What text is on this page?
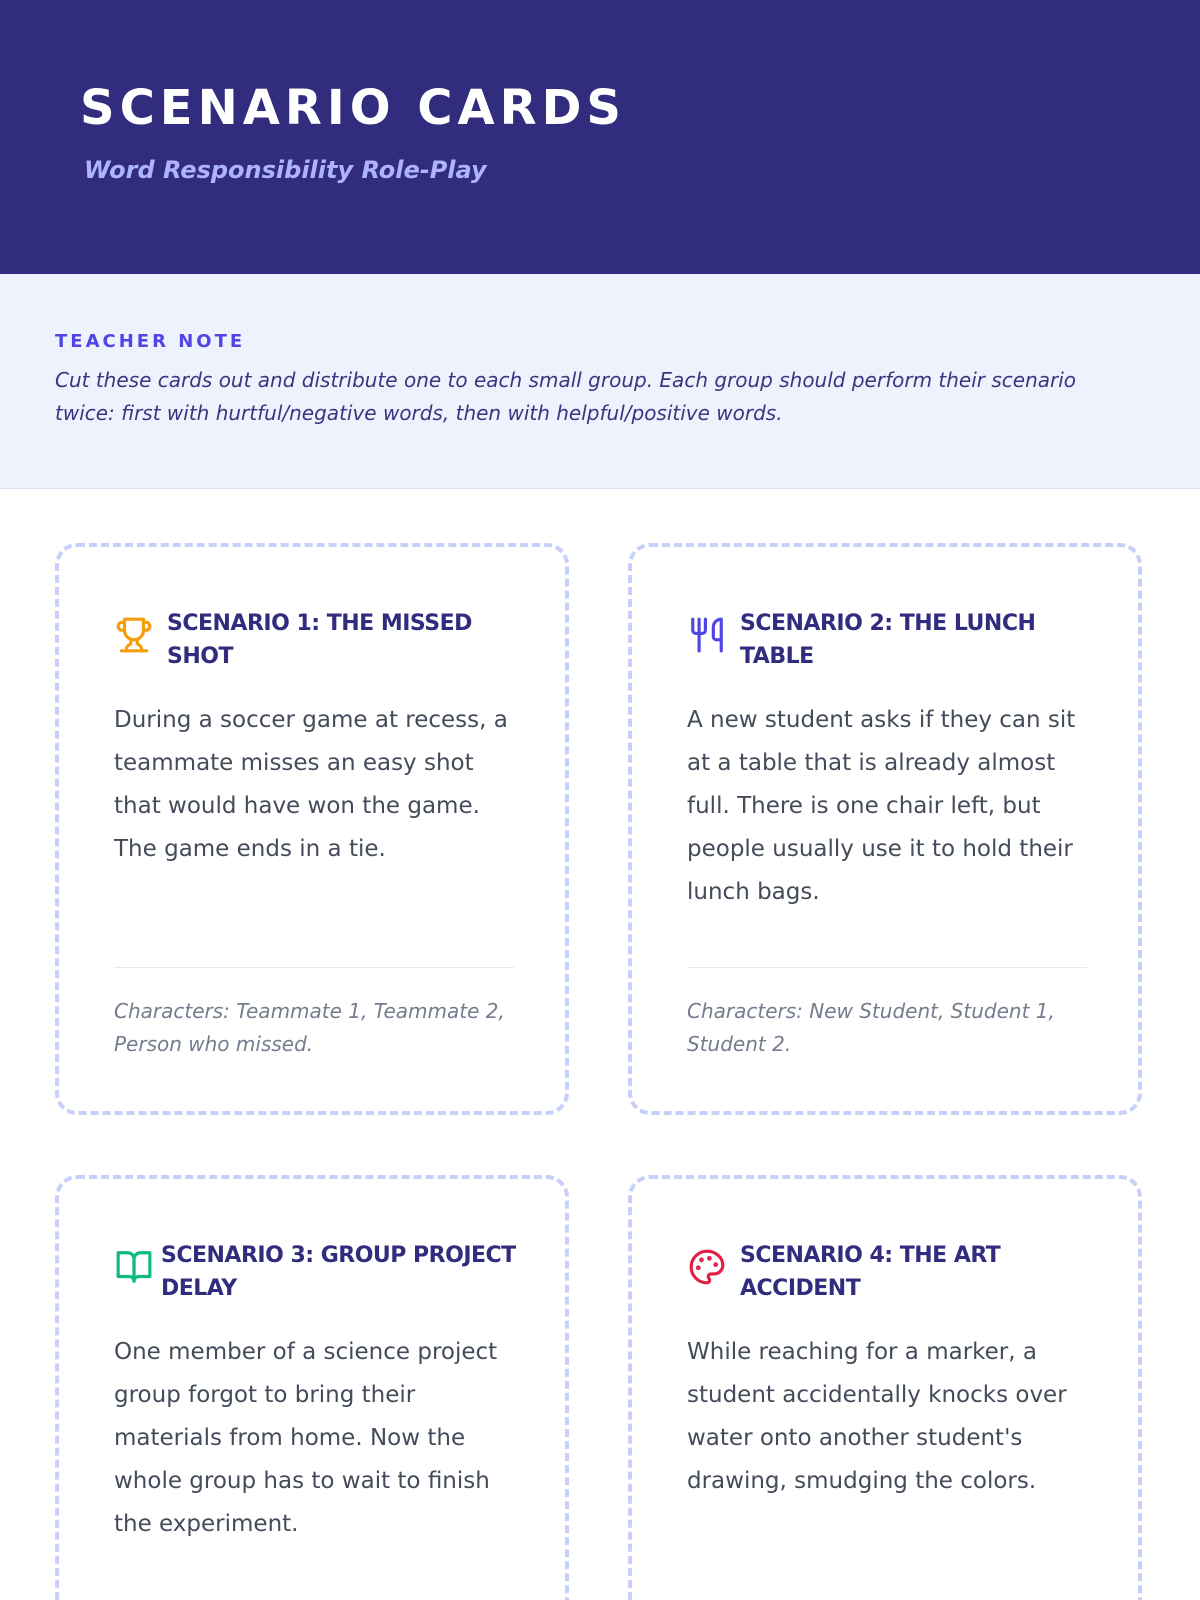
SCENARIO CARDS
Word Responsibility Role-Play
TEACHER NOTE
Cut these cards out and distribute one to each small group. Each group should perform their scenario twice: first with hurtful/negative words, then with helpful/positive words.
SCENARIO 1: THE MISSED SHOT
During a soccer game at recess, a teammate misses an easy shot that would have won the game. The game ends in a tie.
Characters: Teammate 1, Teammate 2, Person who missed.
SCENARIO 2: THE LUNCH TABLE
A new student asks if they can sit at a table that is already almost full. There is one chair left, but people usually use it to hold their lunch bags.
Characters: New Student, Student 1, Student 2.
SCENARIO 3: GROUP PROJECT DELAY
One member of a science project group forgot to bring their materials from home. Now the whole group has to wait to finish the experiment.
SCENARIO 4: THE ART ACCIDENT
While reaching for a marker, a student accidentally knocks over water onto another student's drawing, smudging the colors.
